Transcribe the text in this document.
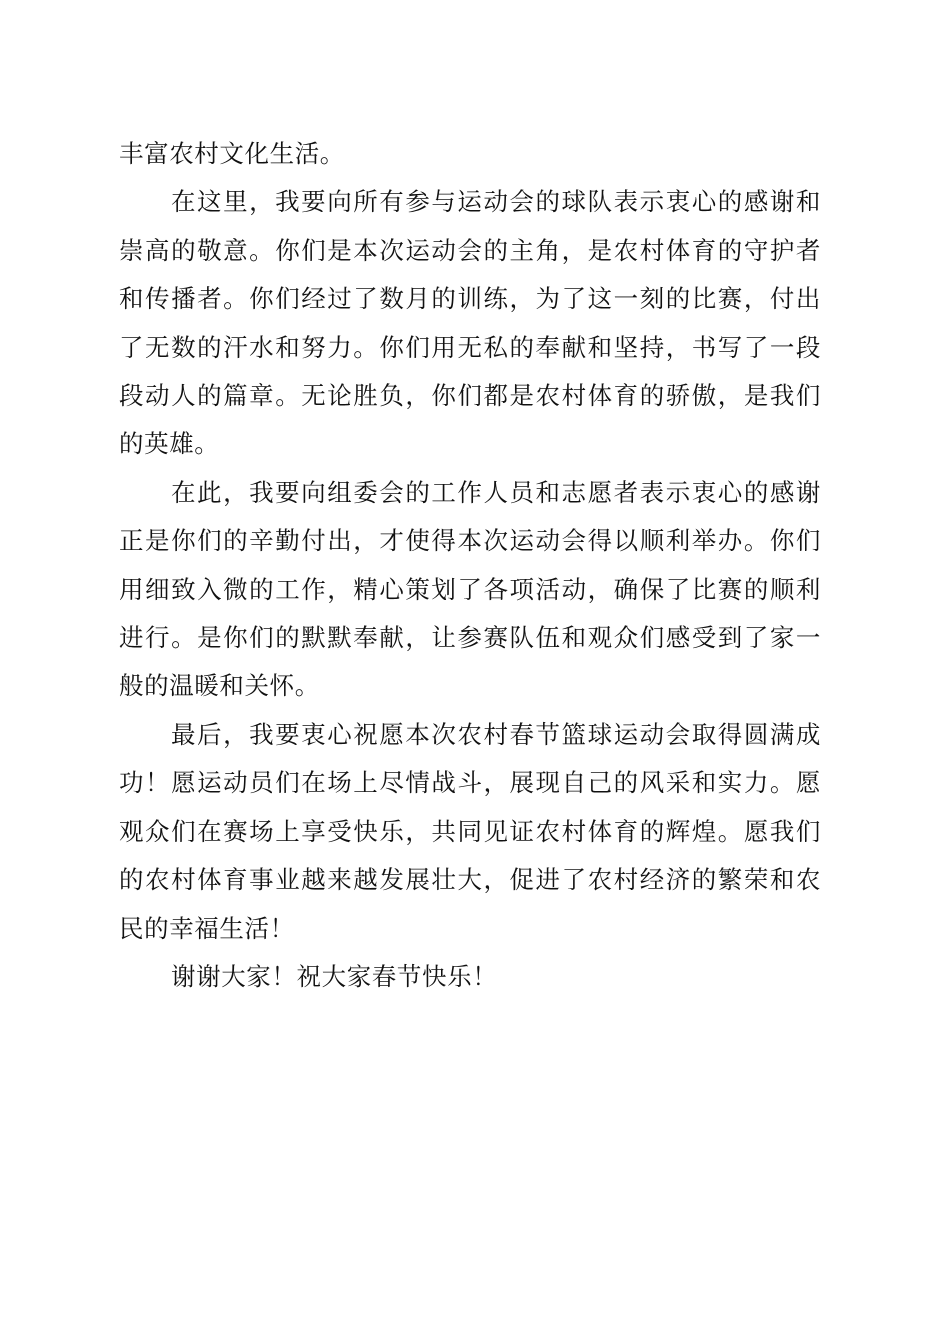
丰富农村文化生活。

在这里，我要向所有参与运动会的球队表示衷心的感谢和崇高的敬意。你们是本次运动会的主角，是农村体育的守护者和传播者。你们经过了数月的训练，为了这一刻的比赛，付出了无数的汗水和努力。你们用无私的奉献和坚持，书写了一段段动人的篇章。无论胜负，你们都是农村体育的骄傲，是我们的英雄。

在此，我要向组委会的工作人员和志愿者表示衷心的感谢正是你们的辛勤付出，才使得本次运动会得以顺利举办。你们用细致入微的工作，精心策划了各项活动，确保了比赛的顺利进行。是你们的默默奉献，让参赛队伍和观众们感受到了家一般的温暖和关怀。

最后，我要衷心祝愿本次农村春节篮球运动会取得圆满成功！愿运动员们在场上尽情战斗，展现自己的风采和实力。愿观众们在赛场上享受快乐，共同见证农村体育的辉煌。愿我们的农村体育事业越来越发展壮大，促进了农村经济的繁荣和农民的幸福生活！

谢谢大家！祝大家春节快乐！
